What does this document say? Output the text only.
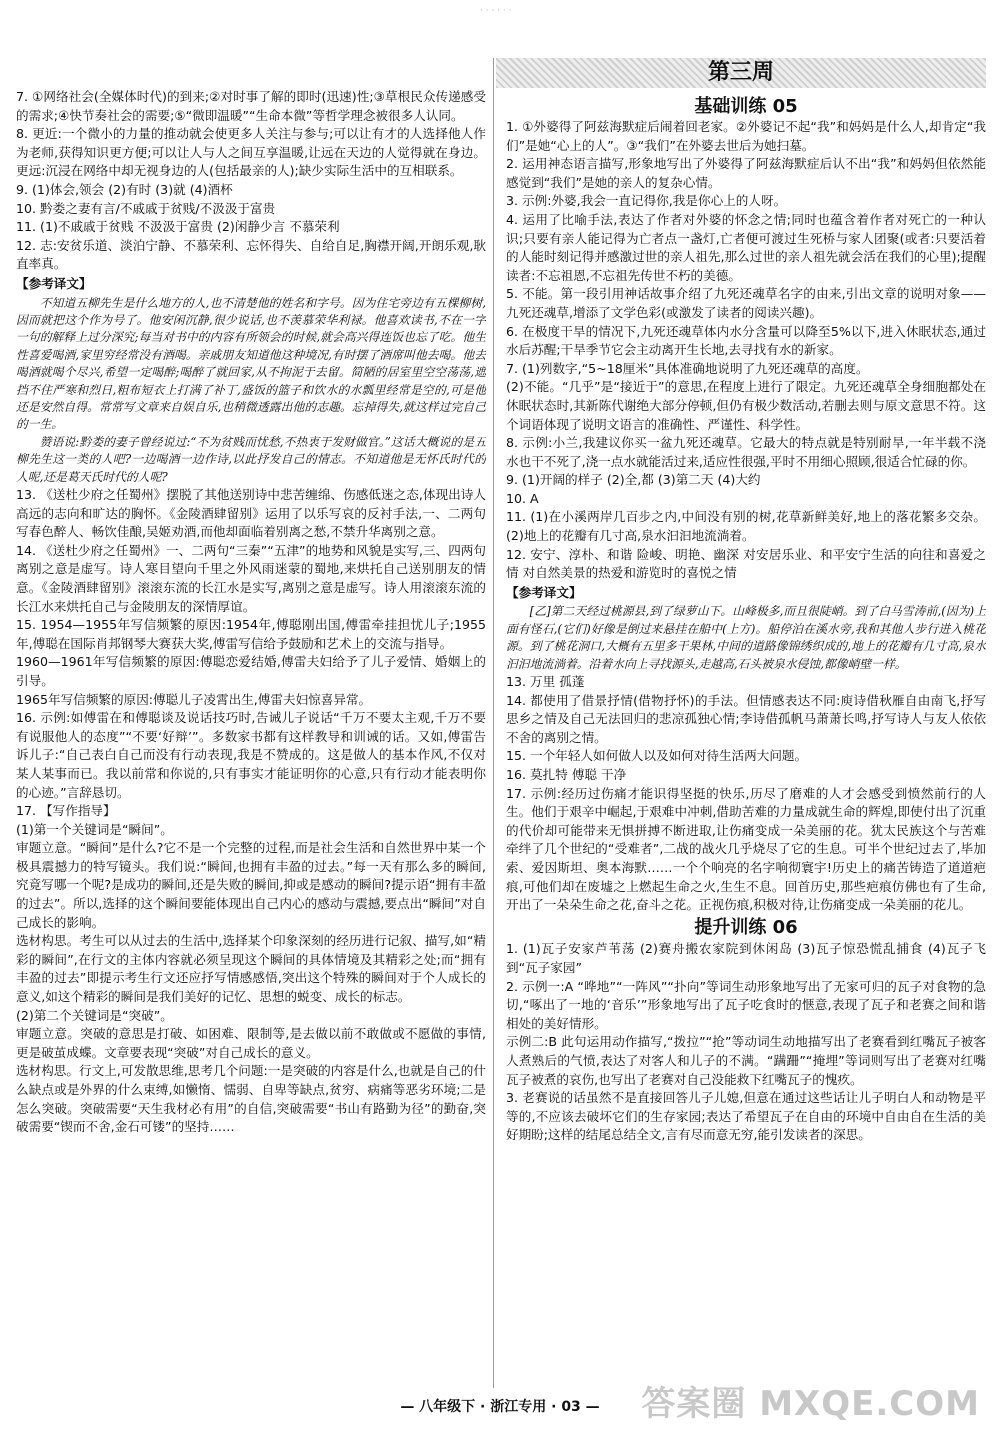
· · · · · ·
第三周
基础训练 05

7. ①网络社会(全媒体时代)的到来;②对时事了解的即时(迅速)性;③草根民众传递感受的需求;④快节奏社会的需要;⑤“微即温暖”“生命本微”等哲学理念被很多人认同。

8. 更近:一个微小的力量的推动就会使更多人关注与参与;可以让有才的人选择他人作为老师,获得知识更方便;可以让人与人之间互享温暖,让远在天边的人觉得就在身边。更远:沉浸在网络中却无视身边的人(包括最亲的人);缺少实际生活中的互相联系。

9. (1)体会,领会 (2)有时 (3)就 (4)酒杯

10. 黔娄之妻有言/不戚戚于贫贱/不汲汲于富贵

11. (1)不戚戚于贫贱 不汲汲于富贵 (2)闲静少言 不慕荣利

12. 志:安贫乐道、淡泊宁静、不慕荣利、忘怀得失、自给自足,胸襟开阔,开朗乐观,耿直率真。

【参考译文】

不知道五柳先生是什么地方的人,也不清楚他的姓名和字号。因为住宅旁边有五棵柳树,因而就把这个作为号了。他安闲沉静,很少说话,也不羡慕荣华利禄。他喜欢读书,不在一字一句的解释上过分深究;每当对书中的内容有所领会的时候,就会高兴得连饭也忘了吃。他生性喜爱喝酒,家里穷经常没有酒喝。亲戚朋友知道他这种境况,有时摆了酒席叫他去喝。他去喝酒就喝个尽兴,希望一定喝醉;喝醉了就回家,从不拘泥于去留。简陋的居室里空空荡荡,遮挡不住严寒和烈日,粗布短衣上打满了补丁,盛饭的篮子和饮水的水瓢里经常是空的,可是他还是安然自得。常常写文章来自娱自乐,也稍微透露出他的志趣。忘掉得失,就这样过完自己的一生。

赞语说:黔娄的妻子曾经说过:“不为贫贱而忧愁,不热衷于发财做官。”这话大概说的是五柳先生这一类的人吧?一边喝酒一边作诗,以此抒发自己的情志。不知道他是无怀氏时代的人呢,还是葛天氏时代的人呢?

13. 《送杜少府之任蜀州》摆脱了其他送别诗中悲苦缠绵、伤感低迷之态,体现出诗人高远的志向和旷达的胸怀。《金陵酒肆留别》运用了以乐写哀的反衬手法,一、二两句写春色醉人、畅饮佳酿,吴姬劝酒,而他却面临着别离之愁,不禁升华离别之意。

14. 《送杜少府之任蜀州》一、二两句“三秦”“五津”的地势和风貌是实写,三、四两句离别之意是虚写。诗人寒目望向千里之外风雨迷蒙的蜀地,来烘托自己送别朋友的情意。《金陵酒肆留别》滚滚东流的长江水是实写,离别之意是虚写。诗人用滚滚东流的长江水来烘托自己与金陵朋友的深情厚谊。

15. 1954—1955年写信频繁的原因:1954年,傅聪刚出国,傅雷牵挂担忧儿子;1955年,傅聪在国际肖邦钢琴大赛获大奖,傅雷写信给予鼓励和艺术上的交流与指导。

1960—1961年写信频繁的原因:傅聪恋爱结婚,傅雷夫妇给予了儿子爱情、婚姻上的引导。

1965年写信频繁的原因:傅聪儿子凌霄出生,傅雷夫妇惊喜异常。

16. 示例:如傅雷在和傅聪谈及说话技巧时,告诫儿子说话“千万不要太主观,千万不要有说服他人的态度”“不要‘好辩’”。多数家书都有这样教导和训诫的话。又如,傅雷告诉儿子:“自己表白自己而没有行动表现,我是不赞成的。这是做人的基本作风,不仅对某人某事而已。我以前常和你说的,只有事实才能证明你的心意,只有行动才能表明你的心迹。”言辞恳切。

17. 【写作指导】

(1)第一个关键词是“瞬间”。

审题立意。“瞬间”是什么?它不是一个完整的过程,而是社会生活和自然世界中某一个极具震撼力的特写镜头。我们说:“瞬间,也拥有丰盈的过去。”每一天有那么多的瞬间,究竟写哪一个呢?是成功的瞬间,还是失败的瞬间,抑或是感动的瞬间?提示语“拥有丰盈的过去”。所以,选择的这个瞬间要能体现出自己内心的感动与震撼,要点出“瞬间”对自己成长的影响。

选材构思。考生可以从过去的生活中,选择某个印象深刻的经历进行记叙、描写,如“精彩的瞬间”,在行文的主体内容就必须呈现这个瞬间的具体情境及其精彩之处;而“拥有丰盈的过去”即提示考生行文还应抒写情感感悟,突出这个特殊的瞬间对于个人成长的意义,如这个精彩的瞬间是我们美好的记忆、思想的蜕变、成长的标志。

(2)第二个关键词是“突破”。

审题立意。突破的意思是打破、如困难、限制等,是去做以前不敢做或不愿做的事情,更是破茧成蝶。文章要表现“突破”对自己成长的意义。

选材构思。行文上,可发散思维,思考几个问题:一是突破的内容是什么,也就是自己的什么缺点或是外界的什么束缚,如懒惰、懦弱、自卑等缺点,贫穷、病痛等恶劣环境;二是怎么突破。突破需要“天生我材必有用”的自信,突破需要“书山有路勤为径”的勤奋,突破需要“锲而不舍,金石可镂”的坚持……

1. ①外婆得了阿兹海默症后闹着回老家。②外婆记不起“我”和妈妈是什么人,却肯定“我们”是她“心上的人”。③“我们”在外婆去世后为她扫墓。

2. 运用神态语言描写,形象地写出了外婆得了阿兹海默症后认不出“我”和妈妈但依然能感觉到“我们”是她的亲人的复杂心情。

3. 示例:外婆,我会一直记得你,我是你心上的人呀。

4. 运用了比喻手法,表达了作者对外婆的怀念之情;同时也蕴含着作者对死亡的一种认识;只要有亲人能记得为亡者点一盏灯,亡者便可渡过生死桥与家人团聚(或者:只要活着的人能时刻记得并感激过世的亲人祖先,那么过世的亲人祖先就会活在我们的心里);提醒读者:不忘祖恩,不忘祖先传世不朽的美德。

5. 不能。第一段引用神话故事介绍了九死还魂草名字的由来,引出文章的说明对象——九死还魂草,增添了文学色彩(或激发了读者的阅读兴趣)。

6. 在极度干旱的情况下,九死还魂草体内水分含量可以降至5%以下,进入休眠状态,通过水后苏醒;干旱季节它会主动离开生长地,去寻找有水的新家。

7. (1)列数字,“5~18厘米”具体准确地说明了九死还魂草的高度。

(2)不能。“几乎”是“接近于”的意思,在程度上进行了限定。九死还魂草全身细胞都处在休眠状态时,其新陈代谢绝大部分停顿,但仍有极少数活动,若删去则与原文意思不符。这个词语体现了说明文语言的准确性、严谨性、科学性。

8. 示例:小兰,我建议你买一盆九死还魂草。它最大的特点就是特别耐旱,一年半载不浇水也干不死了,浇一点水就能活过来,适应性很强,平时不用细心照顾,很适合忙碌的你。

9. (1)开阔的样子 (2)全,都 (3)第二天 (4)大约

10. A

11. (1)在小溪两岸几百步之内,中间没有别的树,花草新鲜美好,地上的落花繁多交杂。 (2)地上的花瓣有几寸高,泉水汩汩地流淌着。

12. 安宁、淳朴、和谐 险峻、明艳、幽深 对安居乐业、和平安宁生活的向往和喜爱之情 对自然美景的热爱和游览时的喜悦之情

【参考译文】

[乙]第二天经过桃源县,到了绿萝山下。山峰极多,而且很陡峭。到了白马雪涛前,(因为)上面有怪石,(它们)好像是倒过来悬挂在船中(上方)。船停泊在溪水旁,我和其他人步行进入桃花源。到了桃花洞口,大概有五里多干果林,中间的道路像锦绣织成的,地上的花瓣有几寸高,泉水汩汩地流淌着。沿着水向上寻找源头,走越高,石头被泉水侵蚀,都像峭壁一样。

13. 万里 孤蓬

14. 都使用了借景抒情(借物抒怀)的手法。但情感表达不同:庾诗借秋雁自由南飞,抒写思乡之情及自己无法回归的悲凉孤独心情;李诗借孤帆马萧萧长鸣,抒写诗人与友人依依不舍的离别之情。

15. 一个年轻人如何做人以及如何对待生活两大问题。

16. 莫扎特 傅聪 干净

17. 示例:经历过伤痛才能识得坚挺的快乐,历尽了磨难的人才会感受到愤然前行的人生。他们于艰辛中崛起,于艰难中冲刺,借助苦难的力量成就生命的辉煌,即使付出了沉重的代价却可能带来无惧拼搏不断进取,让伤痛变成一朵美丽的花。犹太民族这个与苦难牵绊了几个世纪的“受难者”,二战的战火几乎烧尽了它的生息。可半个世纪过去了,毕加索、爱因斯坦、奥本海默……一个个响亮的名字响彻寰宇!历史上的痛苦铸造了道道疤痕,可他们却在废墟之上燃起生命之火,生生不息。回首历史,那些疤痕仿佛也有了生命,开出了一朵朵生命之花,奋斗之花。正视伤痕,积极对待,让伤痛变成一朵美丽的花儿。

提升训练 06

1. (1)瓦子安家芦苇荡 (2)赛舟搬农家院到休闲岛 (3)瓦子惊恐慌乱捕食 (4)瓦子飞到“瓦子家园”

2. 示例一:A “哗地”“一阵风”“扑向”等词生动形象地写出了无家可归的瓦子对食物的急切,“啄出了一地的‘音乐’”形象地写出了瓦子吃食时的惬意,表现了瓦子和老赛之间和谐相处的美好情形。

示例二:B 此句运用动作描写,“拨拉”“抢”等动词生动地描写出了老赛看到红嘴瓦子被客人煮熟后的气愤,表达了对客人和儿子的不满。“蹒跚”“掩埋”等词则写出了老赛对红嘴瓦子被煮的哀伤,也写出了老赛对自己没能救下红嘴瓦子的愧疚。

3. 老赛说的话虽然不是直接回答儿子儿媳,但意在通过这些话让儿子明白人和动物是平等的,不应该去破坏它们的生存家园;表达了希望瓦子在自由的环境中自由自在生活的美好期盼;这样的结尾总结全文,言有尽而意无穷,能引发读者的深思。

— 八年级下 · 浙江专用 · 03 —	答案圈 MXQE.COM
